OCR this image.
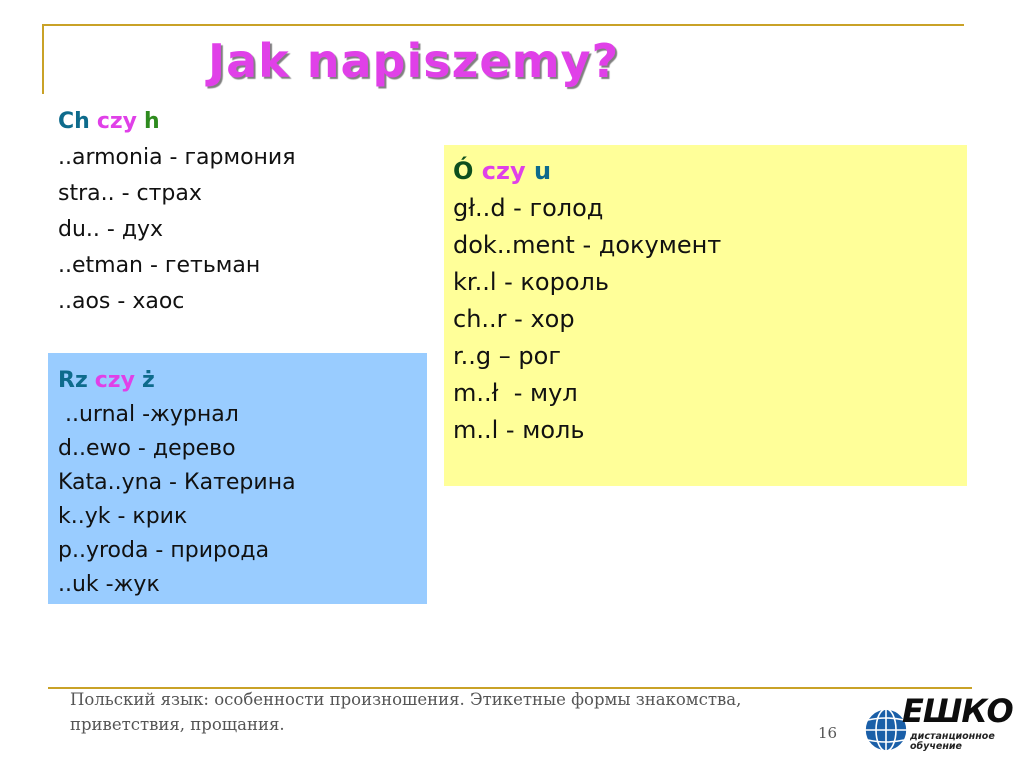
Jak napiszemy?
Ch czy h
..armonia - гармония
stra.. - страх
du.. - дух
..etman - гетьман
..aos - хаос
Rz czy ż
..urnal -журнал
d..ewo - дерево
Kata..yna - Катерина
k..yk - крик
p..yroda - природа
..uk -жук
Ó czy u
gł..d - голод
dok..ment - документ
kr..l - король
ch..r - хор
r..g – рог
m..ł  - мул
m..l - моль
Польский язык: особенности произношения. Этикетные формы знакомства,
приветствия, прощания.	16
ЕШКО
дистанционное
обучение
